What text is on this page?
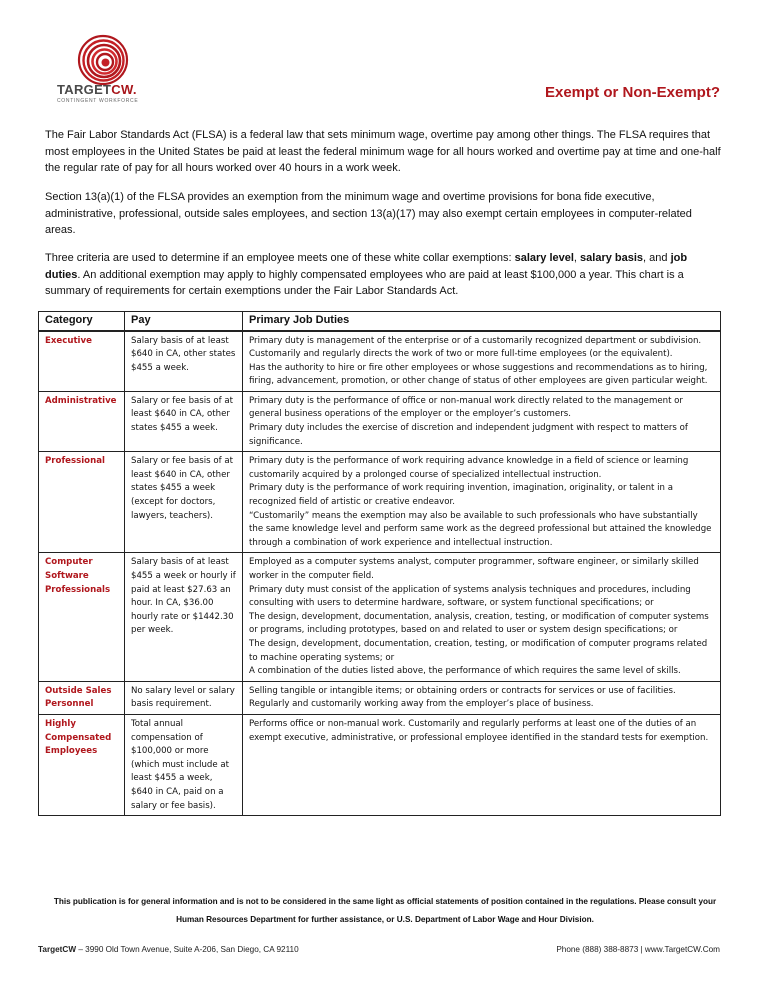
TARGETCW.
CONTINGENT WORKFORCE	Exempt or Non-Exempt?

The Fair Labor Standards Act (FLSA) is a federal law that sets minimum wage, overtime pay among other things. The FLSA requires that most employees in the United States be paid at least the federal minimum wage for all hours worked and overtime pay at time and one-half the regular rate of pay for all hours worked over 40 hours in a work week.

Section 13(a)(1) of the FLSA provides an exemption from the minimum wage and overtime provisions for bona fide executive, administrative, professional, outside sales employees, and section 13(a)(17) may also exempt certain employees in computer-related areas.

Three criteria are used to determine if an employee meets one of these white collar exemptions: salary level, salary basis, and job duties. An additional exemption may apply to highly compensated employees who are paid at least $100,000 a year. This chart is a summary of requirements for certain exemptions under the Fair Labor Standards Act.

Category	Pay	Primary Job Duties
Executive	Salary basis of at least $640 in CA, other states $455 a week.	Primary duty is management of the enterprise or of a customarily recognized department or subdivision.
Customarily and regularly directs the work of two or more full-time employees (or the equivalent).
Has the authority to hire or fire other employees or whose suggestions and recommendations as to hiring, firing, advancement, promotion, or other change of status of other employees are given particular weight.

Administrative	Salary or fee basis of at least $640 in CA, other states $455 a week.	Primary duty is the performance of office or non-manual work directly related to the management or general business operations of the employer or the employer’s customers.
Primary duty includes the exercise of discretion and independent judgment with respect to matters of significance.

Professional	Salary or fee basis of at least $640 in CA, other states $455 a week (except for doctors, lawyers, teachers).	Primary duty is the performance of work requiring advance knowledge in a field of science or learning customarily acquired by a prolonged course of specialized intellectual instruction.
Primary duty is the performance of work requiring invention, imagination, originality, or talent in a recognized field of artistic or creative endeavor.
“Customarily” means the exemption may also be available to such professionals who have substantially the same knowledge level and perform same work as the degreed professional but attained the knowledge through a combination of work experience and intellectual instruction.

Computer Software Professionals	Salary basis of at least $455 a week or hourly if paid at least $27.63 an hour. In CA, $36.00 hourly rate or $1442.30 per week.	Employed as a computer systems analyst, computer programmer, software engineer, or similarly skilled worker in the computer field.
Primary duty must consist of the application of systems analysis techniques and procedures, including consulting with users to determine hardware, software, or system functional specifications; or
The design, development, documentation, analysis, creation, testing, or modification of computer systems or programs, including prototypes, based on and related to user or system design specifications; or
The design, development, documentation, creation, testing, or modification of computer programs related to machine operating systems; or
A combination of the duties listed above, the performance of which requires the same level of skills.

Outside Sales Personnel	No salary level or salary basis requirement.	Selling tangible or intangible items; or obtaining orders or contracts for services or use of facilities.
Regularly and customarily working away from the employer’s place of business.

Highly Compensated Employees	Total annual compensation of $100,000 or more (which must include at least $455 a week, $640 in CA, paid on a salary or fee basis).	Performs office or non-manual work. Customarily and regularly performs at least one of the duties of an exempt executive, administrative, or professional employee identified in the standard tests for exemption.

This publication is for general information and is not to be considered in the same light as official statements of position contained in the regulations. Please consult your Human Resources Department for further assistance, or U.S. Department of Labor Wage and Hour Division.

TargetCW – 3990 Old Town Avenue, Suite A-206, San Diego, CA 92110	Phone (888) 388-8873 | www.TargetCW.Com
